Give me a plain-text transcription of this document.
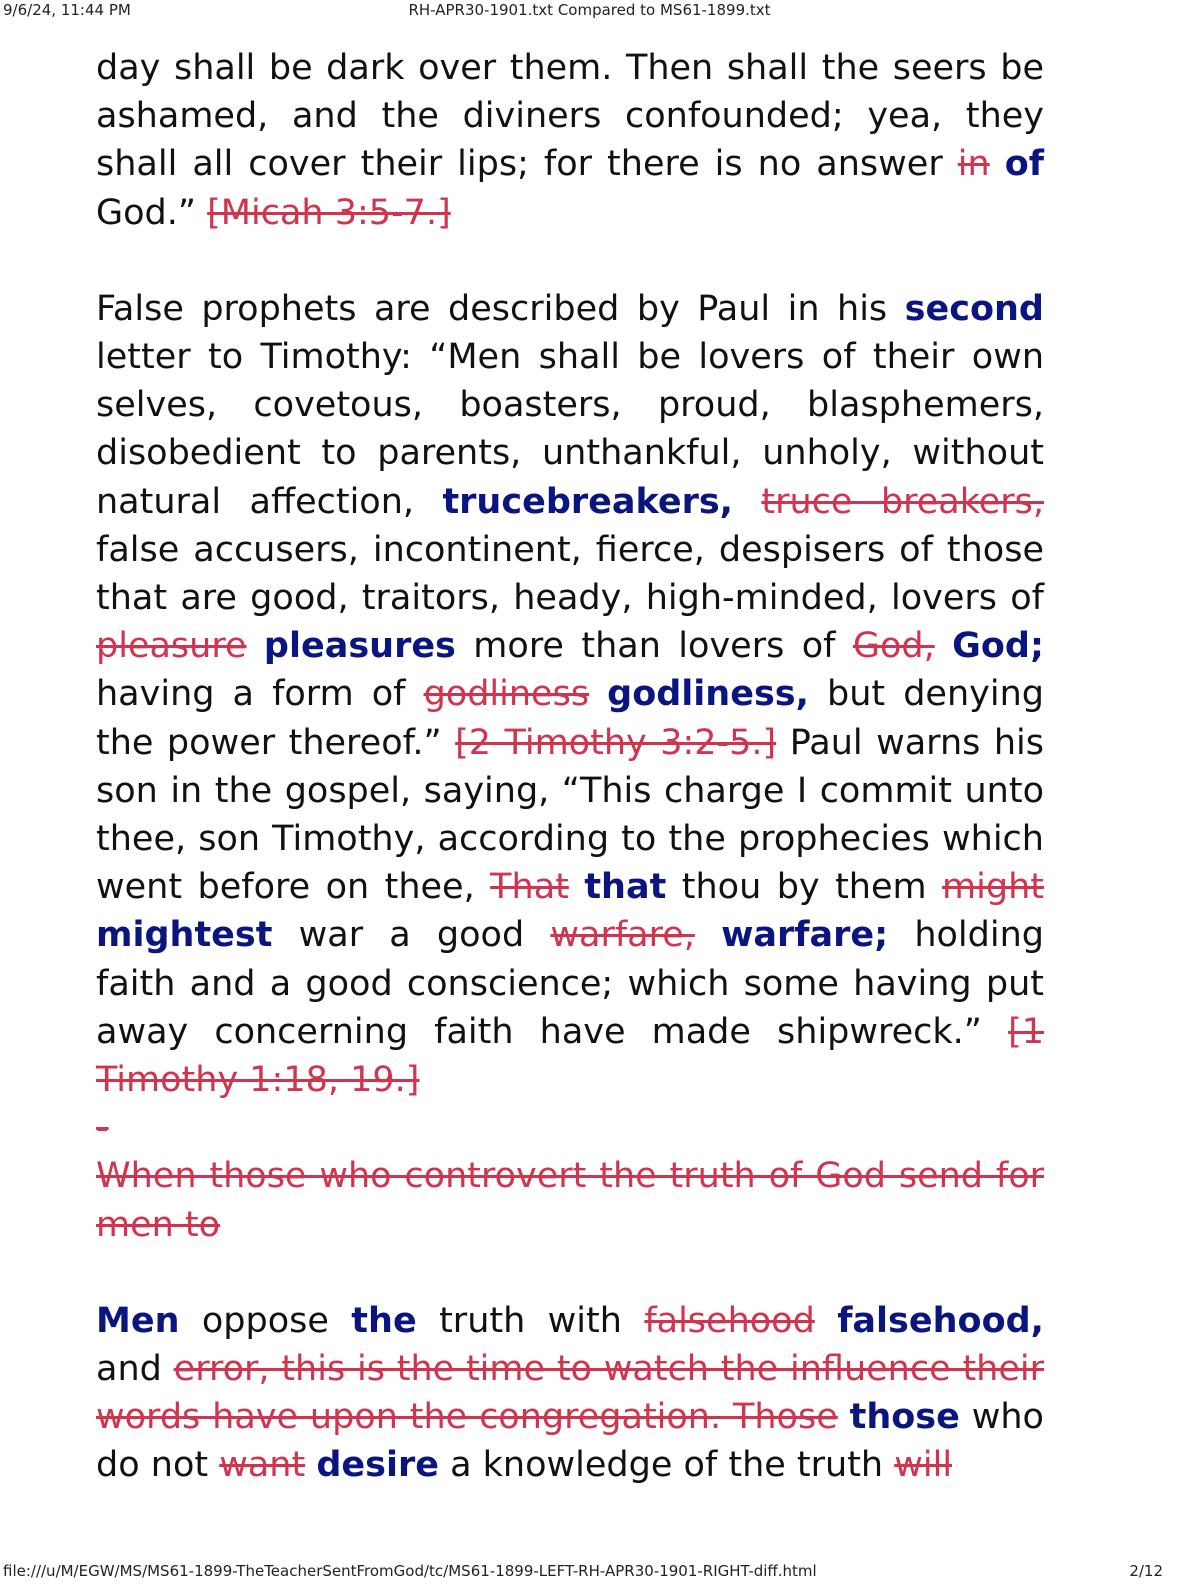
9/6/24, 11:44 PM	RH-APR30-1901.txt Compared to MS61-1899.txt

day shall be dark over them. Then shall the seers be ashamed, and the diviners confounded; yea, they shall all cover their lips; for there is no answer in of God.” [Micah 3:5-7.]

False prophets are described by Paul in his second letter to Timothy: “Men shall be lovers of their own selves, covetous, boasters, proud, blasphemers, disobedient to parents, unthankful, unholy, without natural affection, trucebreakers, truce breakers, false accusers, incontinent, fierce, despisers of those that are good, traitors, heady, high-minded, lovers of pleasure pleasures more than lovers of God, God; having a form of godliness godliness, but denying the power thereof.” [2 Timothy 3:2-5.] Paul warns his son in the gospel, saying, “This charge I commit unto thee, son Timothy, according to the prophecies which went before on thee, That that thou by them might mightest war a good warfare, warfare; holding faith and a good conscience; which some having put away concerning faith have made shipwreck.” [1 Timothy 1:18, 19.]

-

When those who controvert the truth of God send for men to

Men oppose the truth with falsehood falsehood, and error, this is the time to watch the influence their words have upon the congregation. Those those who do not want desire a knowledge of the truth will

file:///u/M/EGW/MS/MS61-1899-TheTeacherSentFromGod/tc/MS61-1899-LEFT-RH-APR30-1901-RIGHT-diff.html	2/12
